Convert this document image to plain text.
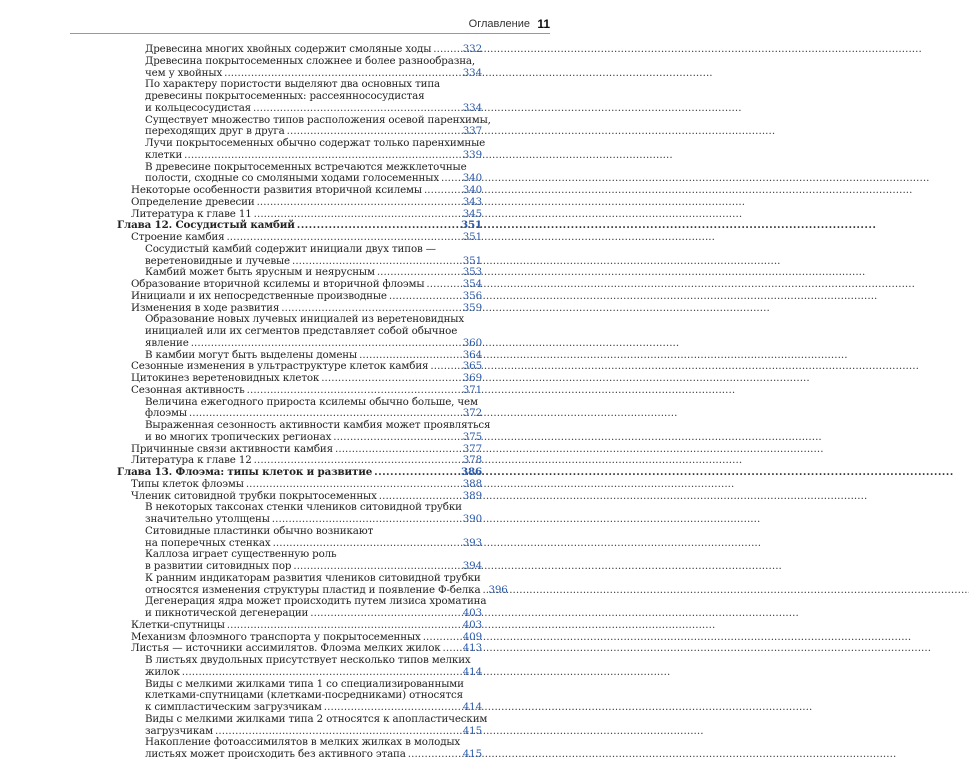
Оглавление 11
Древесина многих хвойных содержит смоляные ходы . . .	332
Древесина покрытосеменных сложнее и более разнообразна,
чем у хвойных . . .	334
По характеру пористости выделяют два основных типа
древесины покрытосеменных: рассеяннососудистая
и кольцесосудистая . . .	334
Существует множество типов расположения осевой паренхимы,
переходящих друг в друга . . .	337
Лучи покрытосеменных обычно содержат только паренхимные
клетки . . .	339
В древесине покрытосеменных встречаются межклеточные
полости, сходные со смоляными ходами голосеменных . . . 340
Некоторые особенности развития вторичной ксилемы . . .	340
Определение древесии . . .	343
Литература к главе 11 . . .	345
Глава 12. Сосудистый камбий . . .	351
Строение камбия . . .	351
Сосудистый камбий содержит инициали двух типов —
веретеновидные и лучевые . . .	351
Камбий может быть ярусным и неярусным . . .	353
Образование вторичной ксилемы и вторичной флоэмы . . .	354
Инициали и их непосредственные производные . . .	356
Изменения в ходе развития . . .	359
Образование новых лучевых инициалей из веретеновидных
инициалей или их сегментов представляет собой обычное
явление . . .	360
В камбии могут быть выделены домены . . .	364
Сезонные изменения в ультраструктуре клеток камбия . . .	365
Цитокинез веретеновидных клеток . . .	369
Сезонная активность . . .	371
Величина ежегодного прироста ксилемы обычно больше, чем
флоэмы . . .	372
Выраженная сезонность активности камбия может проявляться
и во многих тропических регионах . . .	375
Причинные связи активности камбия . . .	377
Литература к главе 12 . . .	378
Глава 13. Флоэма: типы клеток и развитие . . .	386
Типы клеток флоэмы . . .	388
Членик ситовидной трубки покрытосеменных . . .	389
В некоторых таксонах стенки члеников ситовидной трубки
значительно утолщены . . .	390
Ситовидные пластинки обычно возникают
на поперечных стенках . . .	393
Каллоза играет существенную роль
в развитии ситовидных пор . . .	394
К ранним индикаторам развития члеников ситовидной трубки
относятся изменения структуры пластид и появление Ф-белка . . . 396
Дегенерация ядра может происходить путем лизиса хроматина
и пикнотической дегенерации . . .	403
Клетки-спутницы . . .	403
Механизм флоэмного транспорта у покрытосеменных . . .	409
Листья — источники ассимилятов. Флоэма мелких жилок . . . 413
В листьях двудольных присутствует несколько типов мелких
жилок . . .	414
Виды с мелкими жилками типа 1 со специализированными
клетками-спутницами (клетками-посредниками) относятся
к симпластическим загрузчикам . . .	414
Виды с мелкими жилками типа 2 относятся к апопластическим
загрузчикам . . .	415
Накопление фотоассимилятов в мелких жилках в молодых
листьях может происходить без активного этапа . . .	415
